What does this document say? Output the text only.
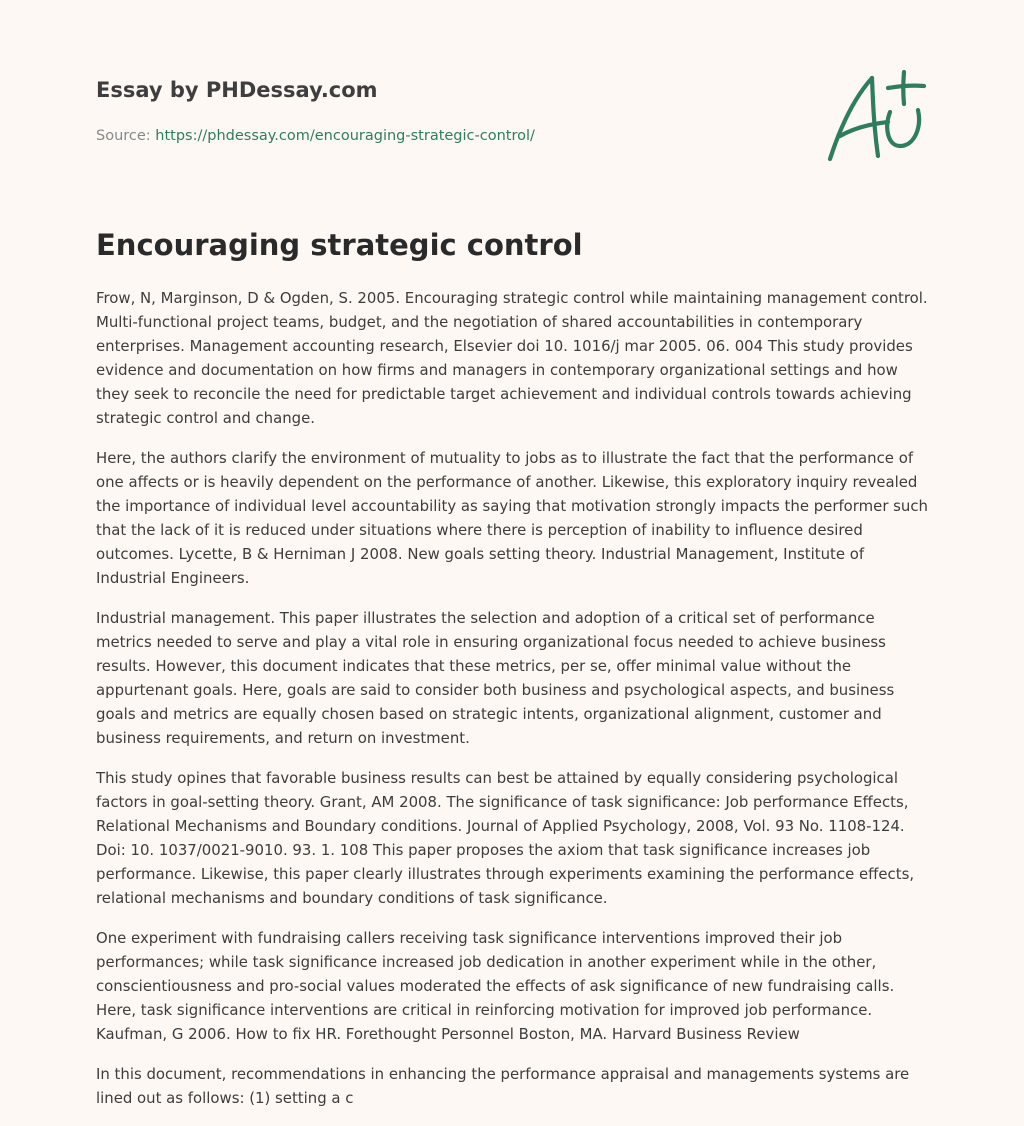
Essay by PHDessay.com
Source: https://phdessay.com/encouraging-strategic-control/
Encouraging strategic control

Frow, N, Marginson, D & Ogden, S. 2005. Encouraging strategic control while maintaining management control. Multi-functional project teams, budget, and the negotiation of shared accountabilities in contemporary enterprises. Management accounting research, Elsevier doi 10. 1016/j mar 2005. 06. 004 This study provides evidence and documentation on how firms and managers in contemporary organizational settings and how they seek to reconcile the need for predictable target achievement and individual controls towards achieving strategic control and change.

Here, the authors clarify the environment of mutuality to jobs as to illustrate the fact that the performance of one affects or is heavily dependent on the performance of another. Likewise, this exploratory inquiry revealed the importance of individual level accountability as saying that motivation strongly impacts the performer such that the lack of it is reduced under situations where there is perception of inability to influence desired outcomes. Lycette, B & Herniman J 2008. New goals setting theory. Industrial Management, Institute of Industrial Engineers.

Industrial management. This paper illustrates the selection and adoption of a critical set of performance metrics needed to serve and play a vital role in ensuring organizational focus needed to achieve business results. However, this document indicates that these metrics, per se, offer minimal value without the appurtenant goals. Here, goals are said to consider both business and psychological aspects, and business goals and metrics are equally chosen based on strategic intents, organizational alignment, customer and business requirements, and return on investment.

This study opines that favorable business results can best be attained by equally considering psychological factors in goal-setting theory. Grant, AM 2008. The significance of task significance: Job performance Effects, Relational Mechanisms and Boundary conditions. Journal of Applied Psychology, 2008, Vol. 93 No. 1108-124. Doi: 10. 1037/0021-9010. 93. 1. 108 This paper proposes the axiom that task significance increases job performance. Likewise, this paper clearly illustrates through experiments examining the performance effects, relational mechanisms and boundary conditions of task significance.

One experiment with fundraising callers receiving task significance interventions improved their job performances; while task significance increased job dedication in another experiment while in the other, conscientiousness and pro-social values moderated the effects of ask significance of new fundraising calls. Here, task significance interventions are critical in reinforcing motivation for improved job performance. Kaufman, G 2006. How to fix HR. Forethought Personnel Boston, MA. Harvard Business Review

In this document, recommendations in enhancing the performance appraisal and managements systems are lined out as follows: (1) setting a c
